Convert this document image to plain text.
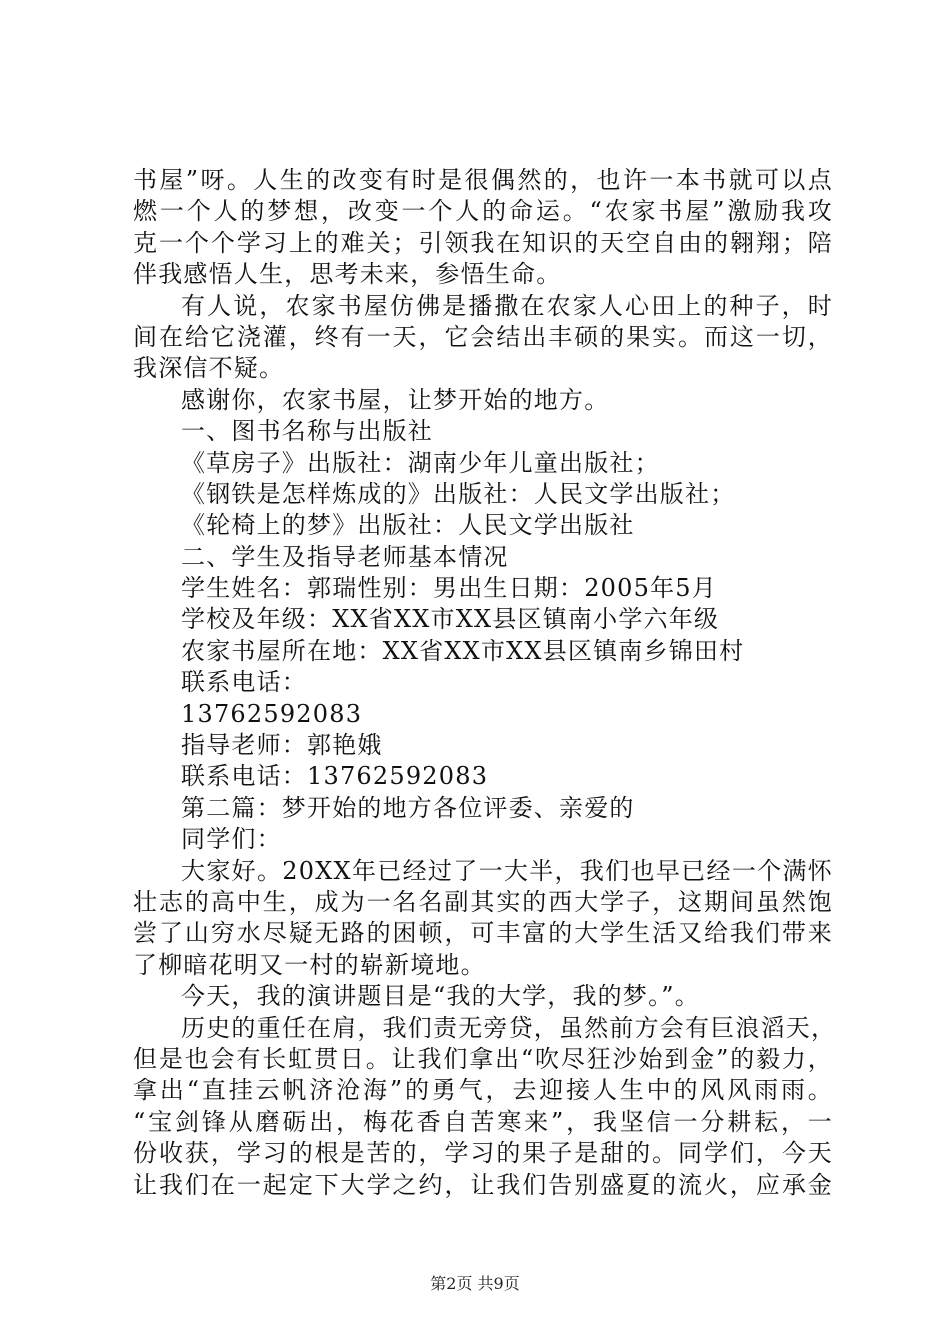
书屋”呀。人生的改变有时是很偶然的，也许一本书就可以点
燃一个人的梦想，改变一个人的命运。“农家书屋”激励我攻
克一个个学习上的难关；引领我在知识的天空自由的翱翔；陪
伴我感悟人生，思考未来，参悟生命。
有人说，农家书屋仿佛是播撒在农家人心田上的种子，时
间在给它浇灌，终有一天，它会结出丰硕的果实。而这一切，
我深信不疑。
感谢你，农家书屋，让梦开始的地方。
一、图书名称与出版社
《草房子》出版社：湖南少年儿童出版社；
《钢铁是怎样炼成的》出版社：人民文学出版社；
《轮椅上的梦》出版社：人民文学出版社
二、学生及指导老师基本情况
学生姓名：郭瑞性别：男出生日期：2005年5月
学校及年级：XX省XX市XX县区镇南小学六年级
农家书屋所在地：XX省XX市XX县区镇南乡锦田村
联系电话：
13762592083
指导老师：郭艳娥
联系电话：13762592083
第二篇：梦开始的地方各位评委、亲爱的
同学们：
大家好。20XX年已经过了一大半，我们也早已经一个满怀
壮志的高中生，成为一名名副其实的西大学子，这期间虽然饱
尝了山穷水尽疑无路的困顿，可丰富的大学生活又给我们带来
了柳暗花明又一村的崭新境地。
今天，我的演讲题目是“我的大学，我的梦。”。
历史的重任在肩，我们责无旁贷，虽然前方会有巨浪滔天，
但是也会有长虹贯日。让我们拿出“吹尽狂沙始到金”的毅力，
拿出“直挂云帆济沧海”的勇气，去迎接人生中的风风雨雨。
“宝剑锋从磨砺出，梅花香自苦寒来”，我坚信一分耕耘，一
份收获，学习的根是苦的，学习的果子是甜的。同学们，今天
让我们在一起定下大学之约，让我们告别盛夏的流火，应承金
第2页 共9页
